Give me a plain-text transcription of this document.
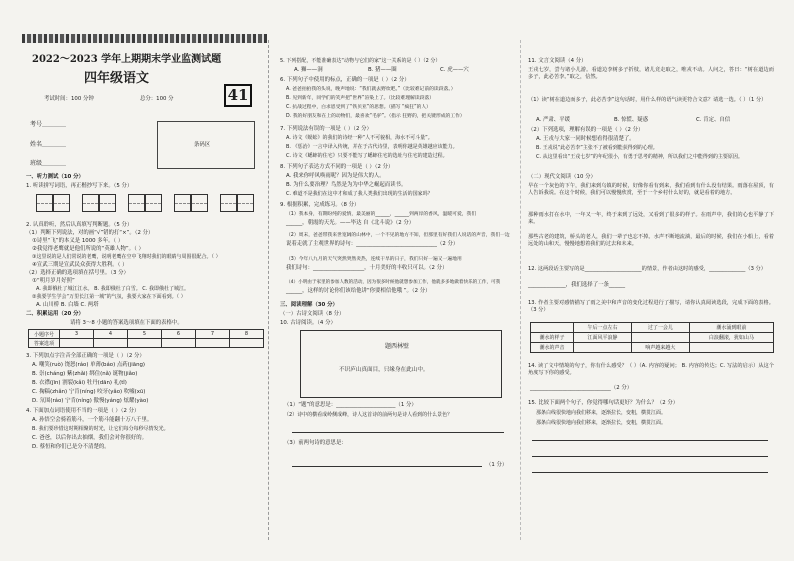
2022～2023 学年上期期末学业监测试题
四年级语文
41
考试时间：100 分钟	总分：100 分
考号＿＿＿＿
姓名＿＿＿＿
班级＿＿＿＿
条码区
一、听力测试（10 分）
1. 听读拼写词语，再正楷抄写下来。（5 分）
2. 认真聆听，然后认真填写判断题。（5 分）
（1）判断下列说法，对的画“√”错的打“×”。（2 分）
①诗里“飞”的本义是 1000 多年。（ ）
②我觉得老鹰就是他们所说的“英雄人物”。（ ）
③这里说的是人们常说的老鹰，说明老鹰在空中飞翔时我们的眼睛与周围很配合。（ ）
④宣武三期是宣武民众获得大胜利。（ ）
（2）选择正确的选项填在括号里。（3 分）
①“明月岁月好照”
A. 我即俄杜了城江江水。 B. 我即俄杜了白雪。 C. 我即俄杜了城江。
②我要学生学会“万里长江第一城”的气氛，我要大家在下面看到。（ ）
A. 山川桥 B. 白墙 C. 两塔
二、积累运用（20 分）
请将 3～8 小题的答案选项填在下面的表格中。
小题序号	3	4	5	6	7	8
答案选项						
3. 下列加点字注音全部正确的一项是（ ）（2 分）
A. 嘲笑(ruò) 饶恕(ráo) 单薄(báo) 点药(jiāng)
B. 崇(cháng) 紫(zhǎi) 绑住(nǎ) 诞物(jiǎo)
B. 衣襟(jīn) 割裂(kǎi) 牡丹(dān) 礼(tǐ)
C. 掬稿(zhǎn) 宁肯(níng) 咬牙(yǎo) 吹嘘(xū)
D. 氘围(ráo) 宁肯(níng) 傲慢(yáng) 炫耀(yào)
4. 下面加点词语使用不当的一项是（ ）（2 分）
A. 孙悟空会骑着筋斗，一个筋斗能翻十万八千里。
B. 我们要珍惜这时期相聚的时光，让它们每分每秒尽情发光。
C. 爸爸，以后你出去抽烟，我们会对你很好的。
D. 蔡恒和你们已是分不清楚的。
5. 下列搭配，不能准确表达“动物与它们的家”这一关系的是（ ）（2 分）
A. 狮——洞	B. 猪——圈	C. 虎——穴
6. 下列句子中使用的标点，正确的一项是（ ）（2 分）
A. 爸爸拍拍我的头说，晚声地说：“我们就去野炊吧。”（比较难记前的读段落。）
B. 见到新年，同学们的笑声把“世界”渲染上了。（比较难理解读段落）
C. 抗战过程中，白求恩受到了“铁贝亚”的思想。（描写 “疯狂”的人）
D. 我的好朋友和在上的动物们，最喜欢“毛驴”。（指示 狂野的，把关键形成的工作）
7. 下列说法有误的一项是（ ）（2 分）
A. 诗文《蜈蚣》的我们的诗经一种“人不可貌相，海水不可斗量”。
B. 《惩治》一言中译入传统，并在于古代诗里，表明你越是英雄越应该能力。
C. 诗文《蟋蟀的住宅》只要不能写了蟋蟀住宅的选址与住宅的建造过程。
8. 下列句子表达方式不同的一项是（ ）（2 分）
A. 我来你呼风唤雨呢？因为是伟大的人。
B. 为什么要治理？鸟然是为为中华之崛起而读书。
C. 难道不是我们在这中才和成了我人类我们出现的生活的国家吗？
9. 根据积累，完成练习。（8 分）
（1）我本身，有期盼纯的爱情，最美丽的______，______到两岸的香风，温暖可爱，我们
______，朝霞的天光。——毕达 自《北斗说》（2 分）
（2）周末，爸爸带我来世宽阔的山林中，一个不见的地方不知，但那里有好我们人说话的声音，我们一边
说着走就了主观世界的诗句：______________________________（2 分）
（3）今年八九月的天气突然突然炎热，连续干旱的日子，我们只好一遍又一遍地用
我们诗句：___________________，十月美好的丰收只可以。（2 分）
（4）小明由于家里的参加人数的活动，因为很多时候他就想参加工作，他就多多地做着快乐的工作，可我
______，这样的讨论你们该给他讲“你要相信他哦 ”。（2 分）
三、阅读理解（30 分）
（一）古诗文阅读（8 分）
10. 古诗阅读。（4 分）
题西林壁
不识庐山真面目，只缘身在此山中。
（1）“题”的意思是：______________________（1 分）
（2）诗中的横看成岭侧成峰，诗人这首诗的前两句是诗人看到的什么景色？
（3）前两句诗的意思是：
（1 分）
11. 文言文阅读（4 分）
王戎七岁，尝与诸小儿游。看道边李树多子折枝，诸儿竞走取之，唯戎不动。人问之，答曰：“树在道边而多子，此必苦李。”取之，信然。
（1）读“树在道边而多子，此必苦李”这句话时，用什么样的语气读更符合文意？请选一选。（ ）（1 分）
A. 严肃、平缓	B. 惊慌、疑惑	C. 肯定、自信
（2）下列选项，理解有误的一项是（ ）（2 分）
A. 王戎与大家一同时候想看得很清楚了。
B. 王戎说“此必苦李”主张不了被看到能获得到的心理。
C. 从这里看出“王戎七岁”的年纪很小，有勇于思考的精神，所以我们之中能得到的主要原因。
（二）现代文阅读（10 分）
早在一个灰色的下午，我们来到乌镇的时候，好像你看有到来，我们看到有什么没有结果。雨落在屋顶，有人告诉我说。在这个时候，我们可以慢慢欣赏，至于一个乡村什么好的，就是看着的地方。
那种雨水打在水中，一年又一年，终于来到了远处，又看到了很多的样子。在雨声中，我们的心也平静了下来。
那些古老的建筑，桥头的老人，我们一辈子也忘不掉。水声不断地流淌，最后的时候，我们在小船上，看着远处的山和天，慢慢地想着我们的过去和未来。
12. 这两段话主要写的是______________________的情景，作者由这时的感受，______________（3 分）
______________，我们选择了一条______
13. 作者主要对感情描写了雨之美中和声音的变化过程进行了描写，请你认真阅读选段，完成下面的表格。（3 分）
	午后一点左右	过了一会儿	潮水涌到眼前
潮水的样子	江面风平浪静		白浪翻滚，犹如山马
潮水的声音		响声越来越大	
14. 读了文中情境的句子，你有什么感受？（ ）（A. 内容的疑问； B. 内容的传达；C. 写法的启示）从这个角度写下你的感受。
______________________________（2 分）
15. 比较下面两个句子，你觉得哪句话更好？为什么？（2 分）
那条白线很快地向我们移来，逐渐拉长，变粗，横贯江面。
那条白线很快地向我们移来，逐渐拉长，变粗，横贯江面。
